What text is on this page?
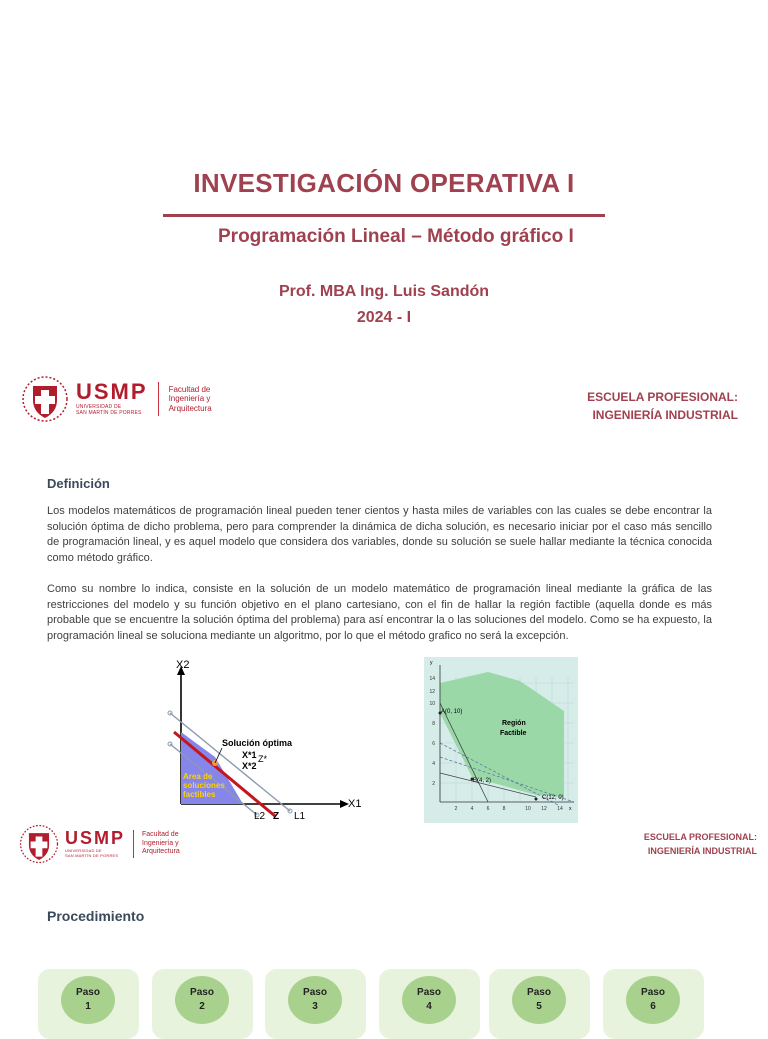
INVESTIGACIÓN OPERATIVA I
Programación Lineal – Método gráfico I
Prof. MBA Ing. Luis Sandón
2024 - I
USMP
UNIVERSIDAD DE
SAN MARTÍN DE PORRES
Facultad de
Ingeniería y
Arquitectura
ESCUELA PROFESIONAL:
INGENIERÍA INDUSTRIAL
Definición
Los modelos matemáticos de programación lineal pueden tener cientos y hasta miles de variables con las cuales se debe encontrar la solución óptima de dicho problema, pero para comprender la dinámica de dicha solución, es necesario iniciar por el caso más sencillo de programación lineal, y es aquel modelo que considera dos variables, donde su solución se suele hallar mediante la técnica conocida como método gráfico.
Como su nombre lo indica, consiste en la solución de un modelo matemático de programación lineal mediante la gráfica de las restricciones del modelo y su función objetivo en el plano cartesiano, con el fin de hallar la región factible (aquella donde es más probable que se encuentre la solución óptima del problema) para así encontrar la o las soluciones del modelo. Como se ha expuesto, la programación lineal se soluciona mediante un algoritmo, por lo que el método grafico no será la excepción.
X2
X1
Solución óptima
X*1 Z*
X*2
Area de
soluciones
factibles
L2 Z L1
y
x
Región
Factible
A(0, 10)
B(4, 2)
C(12, 0)
2
4
6
8
10
12
14
2	4	6	8	10 12 14
USMP
UNIVERSIDAD DE
SAN MARTÍN DE PORRES
Facultad de
Ingeniería y
Arquitectura
ESCUELA PROFESIONAL:
INGENIERÍA INDUSTRIAL
Procedimiento
Paso
1
Paso
2
Paso
3
Paso
4
Paso
5
Paso
6
